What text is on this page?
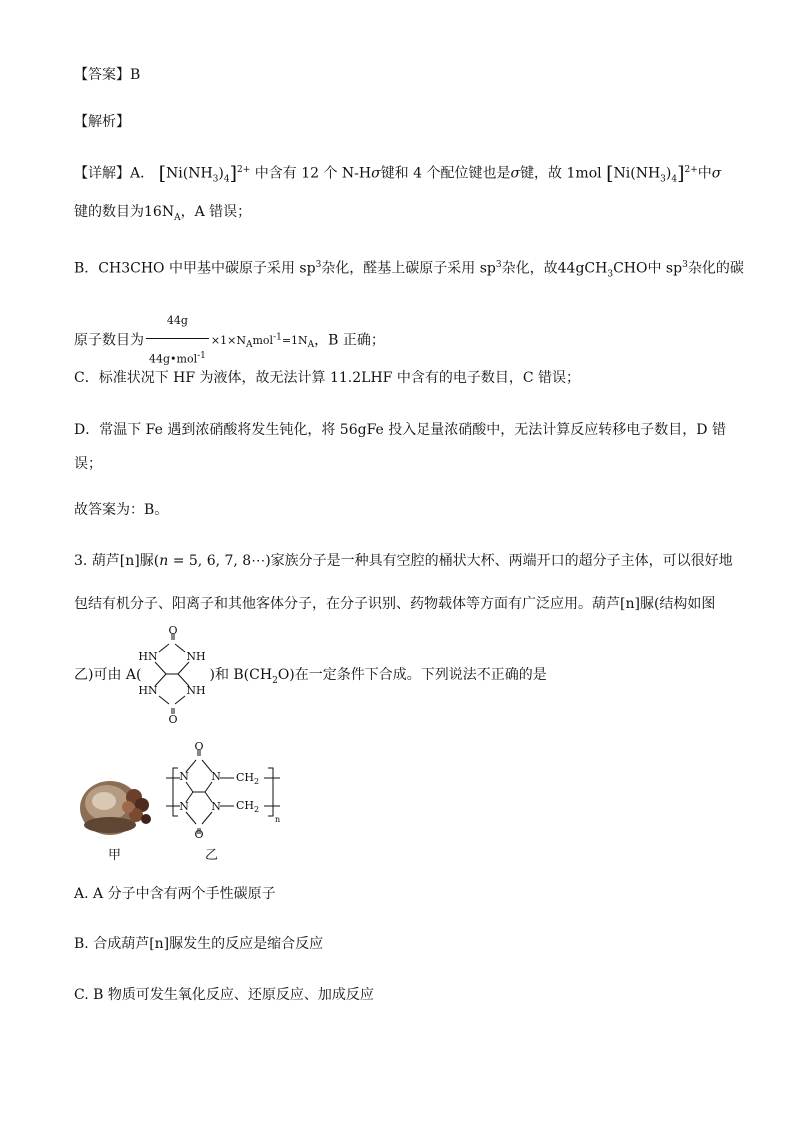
【答案】B
【解析】
【详解】A． $[Ni(NH_3)_4]^{2+}$ 中含有 12 个 N-Hσ键和 4 个配位键也是σ键，故 1mol $[Ni(NH_3)_4]^{2+}$中σ
键的数目为$16N_A$，A 错误；
B．CH3CHO 中甲基中碳原子采用 $sp^3$杂化，醛基上碳原子采用 $sp^3$杂化，故44gCH$_3$CHO中 $sp^3$杂化的碳
原子数目为 $\frac{44g}{44g•mol^{-1}} \times 1\times N_Amol^{-1}=1N_A$，B 正确；
C．标准状况下 HF 为液体，故无法计算 11.2LHF 中含有的电子数目，C 错误；
D．常温下 Fe 遇到浓硝酸将发生钝化，将 56gFe 投入足量浓硝酸中，无法计算反应转移电子数目，D 错
误；
故答案为：B。
3. 葫芦[n]脲(n = 5, 6, 7, 8⋯)家族分子是一种具有空腔的桶状大杯、两端开口的超分子主体，可以很好地
包结有机分子、阳离子和其他客体分子，在分子识别、药物载体等方面有广泛应用。葫芦[n]脲(结构如图
乙)可由 A(	)和 $B(CH_2O)$在一定条件下合成。下列说法不正确的是
O
HN	NH
HN	NH
O
甲
O
N N
N N
O
$CH_2$
$CH_2$
n
乙
A. A 分子中含有两个手性碳原子
B. 合成葫芦[n]脲发生的反应是缩合反应
C. B 物质可发生氧化反应、还原反应、加成反应
